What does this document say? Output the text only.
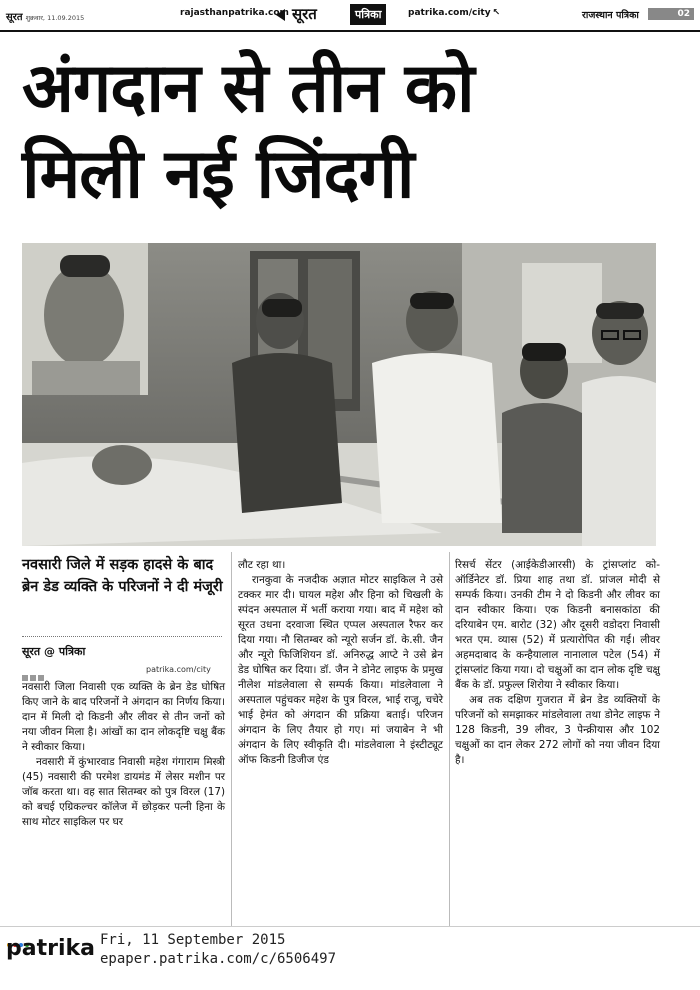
सूरत शुक्रवार, 11.09.2015	rajasthanpatrika.com सूरत	पत्रिका	patrika.com/city ↖	राजस्थान पत्रिका	02
अंगदान से तीन को
मिली नई जिंदगी
नवसारी जिले में सड़क हादसे के बाद ब्रेन डेड व्यक्ति के परिजनों ने दी मंजूरी
सूरत @ पत्रिका
patrika.com/city

नवसारी जिला निवासी एक व्यक्ति के ब्रेन डेड घोषित किए जाने के बाद परिजनों ने अंगदान का निर्णय किया। दान में मिली दो किडनी और लीवर से तीन जनों को नया जीवन मिला है। आंखों का दान लोकदृष्टि चक्षु बैंक ने स्वीकार किया।

नवसारी में कुंभारवाड निवासी महेश गंगाराम मिस्त्री (45) नवसारी की परमेश डायमंड में लेसर मशीन पर जॉब करता था। वह सात सितम्बर को पुत्र विरल (17) को बचई एग्रिकल्चर कॉलेज में छोड़कर पत्नी हिना के साथ मोटर साइकिल पर घर

लौट रहा था।

रानकुवा के नजदीक अज्ञात मोटर साइकिल ने उसे टक्कर मार दी। घायल महेश और हिना को चिखली के स्पंदन अस्पताल में भर्ती कराया गया। बाद में महेश को सूरत उधना दरवाजा स्थित एप्पल अस्पताल रैफर कर दिया गया। नौ सितम्बर को न्यूरो सर्जन डॉ. के.सी. जैन और न्यूरो फिजिशियन डॉ. अनिरुद्ध आप्टे ने उसे ब्रेन डेड घोषित कर दिया। डॉ. जैन ने डोनेट लाइफ के प्रमुख नीलेश मांडलेवाला से सम्पर्क किया। मांडलेवाला ने अस्पताल पहुंचकर महेश के पुत्र विरल, भाई राजू, चचेरे भाई हेमंत को अंगदान की प्रक्रिया बताई। परिजन अंगदान के लिए तैयार हो गए। मां जयाबेन ने भी अंगदान के लिए स्वीकृति दी। मांडलेवाला ने इंस्टीट्यूट ऑफ किडनी डिजीज एंड

रिसर्च सेंटर (आईकेडीआरसी) के ट्रांसप्लांट को-ऑर्डिनेटर डॉ. प्रिया शाह तथा डॉ. प्रांजल मोदी से सम्पर्क किया। उनकी टीम ने दो किडनी और लीवर का दान स्वीकार किया। एक किडनी बनासकांठा की दरियाबेन एम. बारोट (32) और दूसरी वडोदरा निवासी भरत एम. व्यास (52) में प्रत्यारोपित की गई। लीवर अहमदाबाद के कन्हैयालाल नानालाल पटेल (54) में ट्रांसप्लांट किया गया। दो चक्षुओं का दान लोक दृष्टि चक्षु बैंक के डॉ. प्रफुल्ल शिरोया ने स्वीकार किया।

अब तक दक्षिण गुजरात में ब्रेन डेड व्यक्तियों के परिजनों को समझाकर मांडलेवाला तथा डोनेट लाइफ ने 128 किडनी, 39 लीवर, 3 पेन्क्रीयास और 102 चक्षुओं का दान लेकर 272 लोगों को नया जीवन दिया है।

patrika Fri, 11 September 2015
epaper.patrika.com/c/6506497
